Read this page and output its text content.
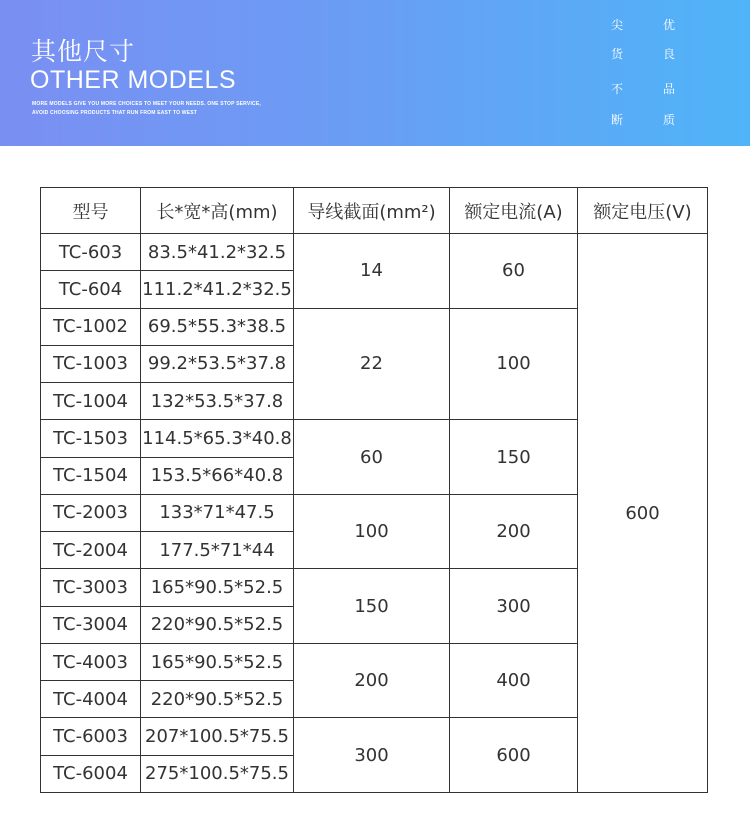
其他尺寸
OTHER MODELS
MORE MODELS GIVE YOU MORE CHOICES TO MEET YOUR NEEDS. ONE STOP SERVICE, AVOID CHOOSING PRODUCTS THAT RUN FROM EAST TO WEST
尖
货
不
断
优
良
品
质
型号	长*宽*高(mm)	导线截面(mm²)	额定电流(A)	额定电压(V)
TC-603	83.5*41.2*32.5	14	60	600
TC-604	111.2*41.2*32.5			
TC-1002	69.5*55.3*38.5	22	100	
TC-1003	99.2*53.5*37.8			
TC-1004	132*53.5*37.8			
TC-1503	114.5*65.3*40.8	60	150	
TC-1504	153.5*66*40.8			
TC-2003	133*71*47.5	100	200	
TC-2004	177.5*71*44			
TC-3003	165*90.5*52.5	150	300	
TC-3004	220*90.5*52.5			
TC-4003	165*90.5*52.5	200	400	
TC-4004	220*90.5*52.5			
TC-6003	207*100.5*75.5	300	600	
TC-6004	275*100.5*75.5			
